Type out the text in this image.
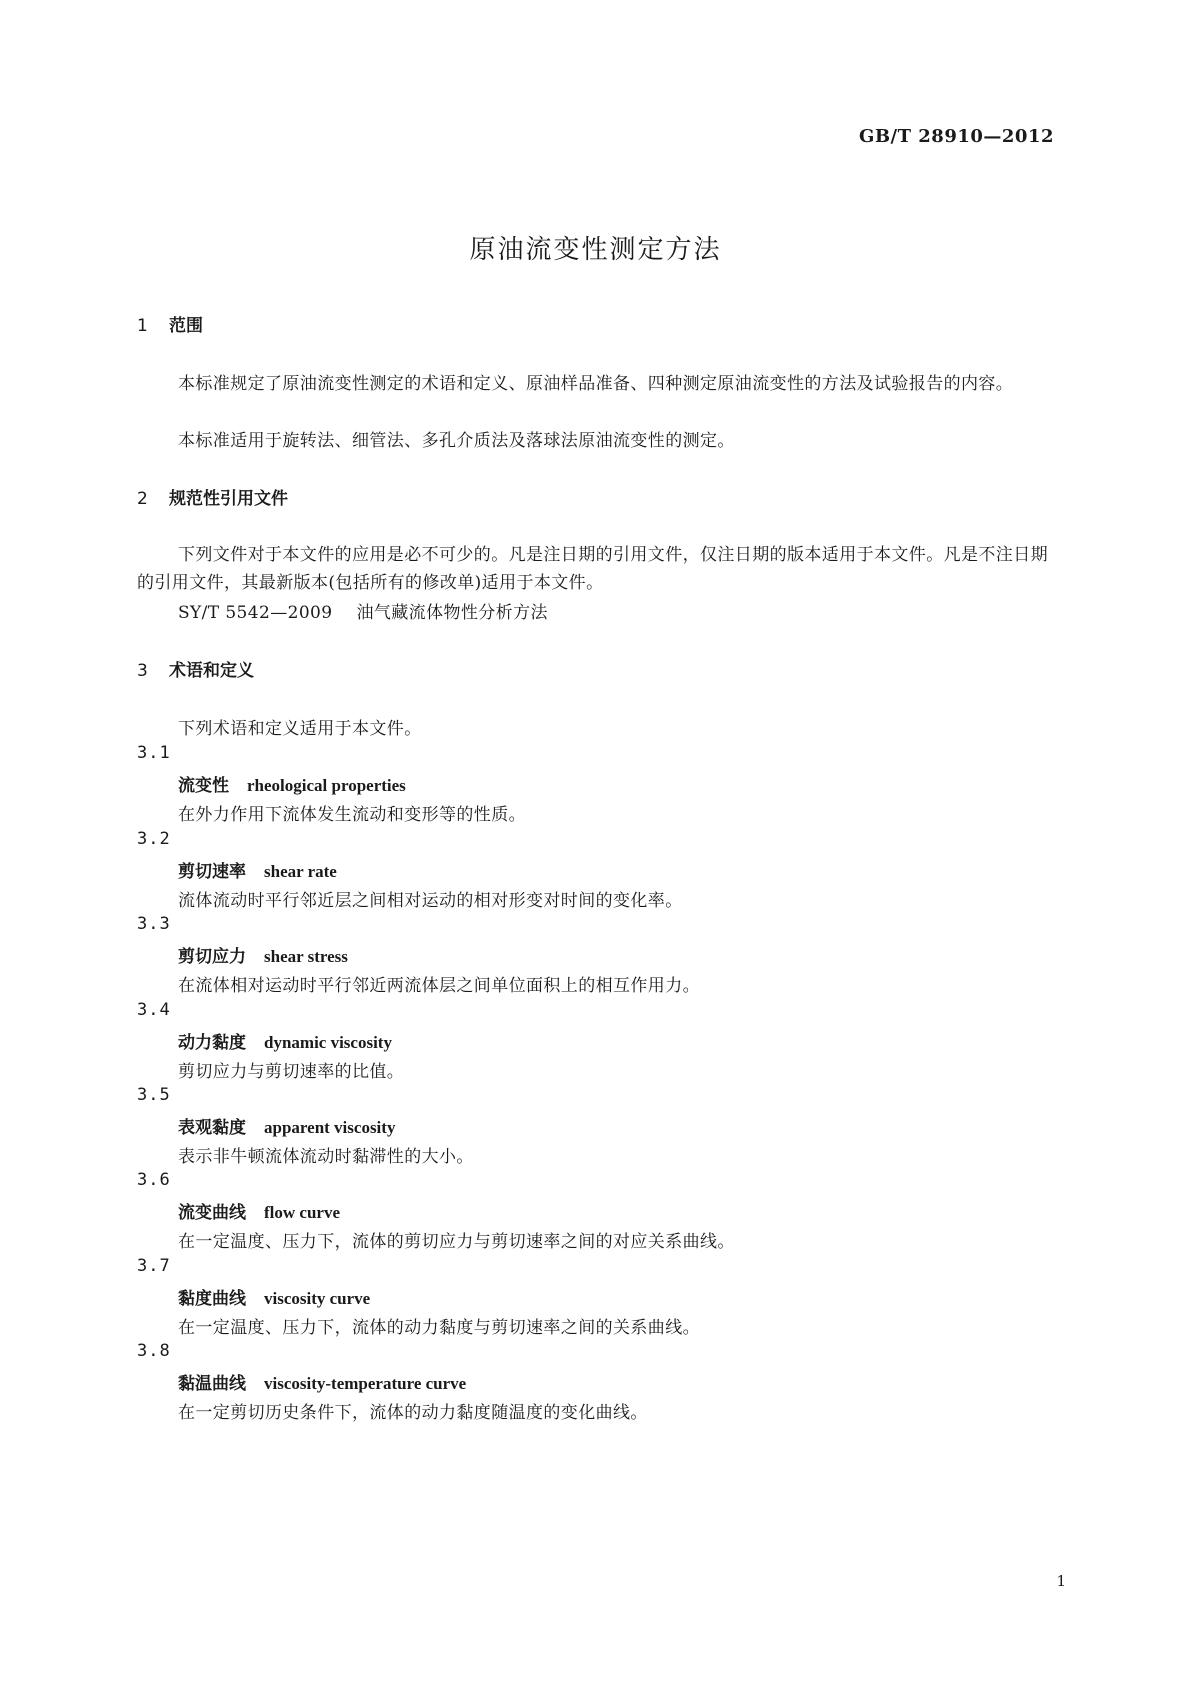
GB/T 28910—2012
原油流变性测定方法
1 范围
本标准规定了原油流变性测定的术语和定义、原油样品准备、四种测定原油流变性的方法及试验报告的内容。
本标准适用于旋转法、细管法、多孔介质法及落球法原油流变性的测定。
2 规范性引用文件
下列文件对于本文件的应用是必不可少的。凡是注日期的引用文件，仅注日期的版本适用于本文件。凡是不注日期的引用文件，其最新版本(包括所有的修改单)适用于本文件。
SY/T 5542—2009 油气藏流体物性分析方法
3 术语和定义
下列术语和定义适用于本文件。
3.1
流变性 rheological properties
在外力作用下流体发生流动和变形等的性质。
3.2
剪切速率 shear rate
流体流动时平行邻近层之间相对运动的相对形变对时间的变化率。
3.3
剪切应力 shear stress
在流体相对运动时平行邻近两流体层之间单位面积上的相互作用力。
3.4
动力黏度 dynamic viscosity
剪切应力与剪切速率的比值。
3.5
表观黏度 apparent viscosity
表示非牛顿流体流动时黏滞性的大小。
3.6
流变曲线 flow curve
在一定温度、压力下，流体的剪切应力与剪切速率之间的对应关系曲线。
3.7
黏度曲线 viscosity curve
在一定温度、压力下，流体的动力黏度与剪切速率之间的关系曲线。
3.8
黏温曲线 viscosity-temperature curve
在一定剪切历史条件下，流体的动力黏度随温度的变化曲线。
1
